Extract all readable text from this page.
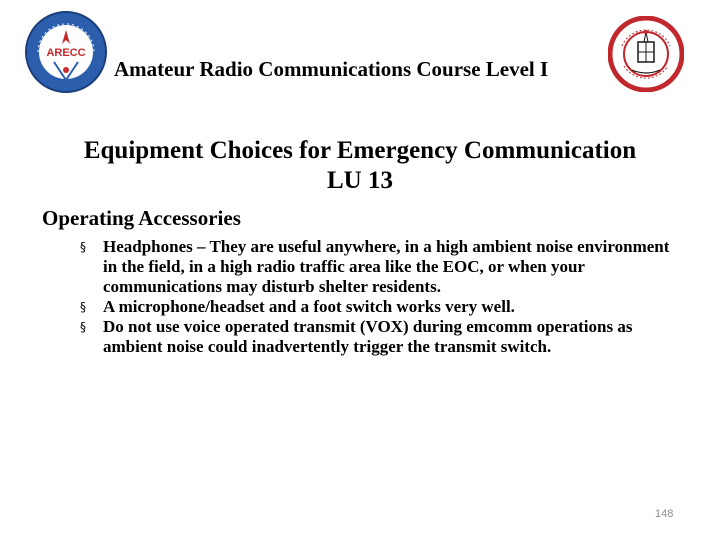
ARECC
Amateur Radio Communications Course Level I
Equipment Choices for Emergency Communication
LU 13
Operating Accessories
§ Headphones – They are useful anywhere, in a high ambient noise environment in the field, in a high radio traffic area like the EOC, or when your communications may disturb shelter residents.
§ A microphone/headset and a foot switch works very well.
§ Do not use voice operated transmit (VOX) during emcomm operations as ambient noise could inadvertently trigger the transmit switch.
148
